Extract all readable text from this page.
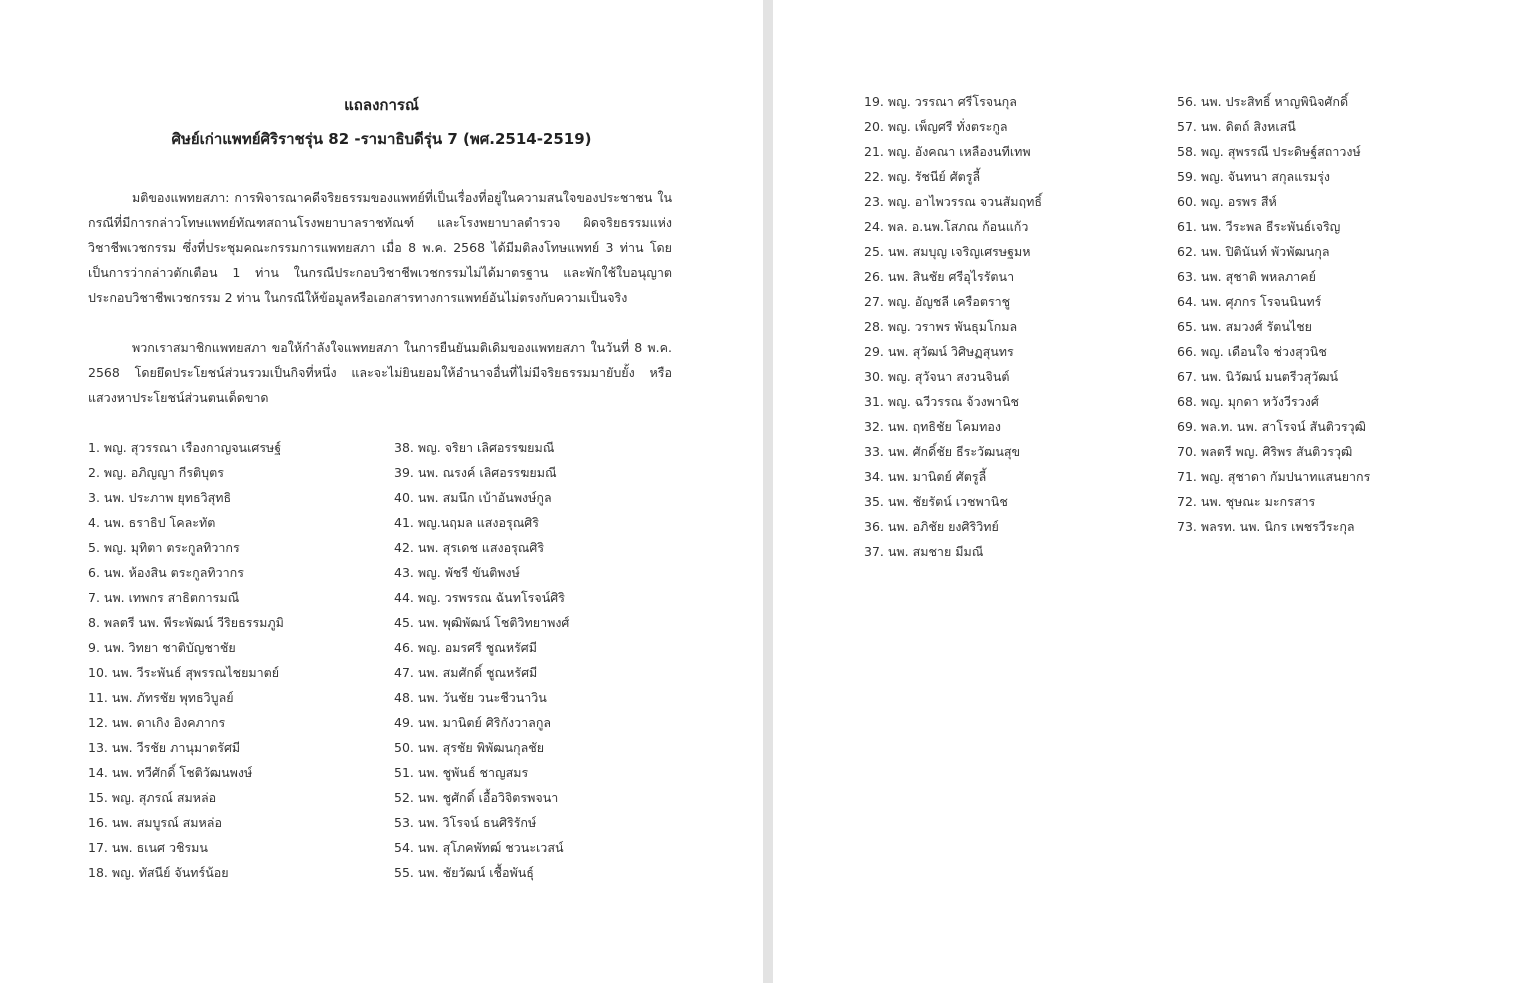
แถลงการณ์
ศิษย์เก่าแพทย์ศิริราชรุ่น 82 -รามาธิบดีรุ่น 7 (พศ.2514-2519)

มติของแพทยสภา: การพิจารณาคดีจริยธรรมของแพทย์ที่เป็นเรื่องที่อยู่ในความสนใจของประชาชน ในกรณีที่มีการกล่าวโทษแพทย์ทัณฑสถานโรงพยาบาลราชทัณฑ์ และโรงพยาบาลตำรวจ ผิดจริยธรรมแห่งวิชาชีพเวชกรรม ซึ่งที่ประชุมคณะกรรมการแพทยสภา เมื่อ 8 พ.ค. 2568 ได้มีมติลงโทษแพทย์ 3 ท่าน โดยเป็นการว่ากล่าวตักเตือน 1 ท่าน ในกรณีประกอบวิชาชีพเวชกรรมไม่ได้มาตรฐาน และพักใช้ใบอนุญาตประกอบวิชาชีพเวชกรรม 2 ท่าน ในกรณีให้ข้อมูลหรือเอกสารทางการแพทย์อันไม่ตรงกับความเป็นจริง

พวกเราสมาชิกแพทยสภา ขอให้กำลังใจแพทยสภา ในการยืนยันมติเดิมของแพทยสภา ในวันที่ 8 พ.ค. 2568 โดยยึดประโยชน์ส่วนรวมเป็นกิจที่หนึ่ง และจะไม่ยินยอมให้อำนาจอื่นที่ไม่มีจริยธรรมมายับยั้ง หรือแสวงหาประโยชน์ส่วนตนเด็ดขาด

1. พญ. สุวรรณา เรืองกาญจนเศรษฐ์
2. พญ. อภิญญา กีรติบุตร
3. นพ. ประภาพ ยุทธวิสุทธิ
4. นพ. ธราธิป โคละทัต
5. พญ. มุทิตา ตระกูลทิวากร
6. นพ. ห้องสิน ตระกูลทิวากร
7. นพ. เทพกร สาธิตการมณี
8. พลตรี นพ. พีระพัฒน์ วีริยธรรมภูมิ
9. นพ. วิทยา ชาติบัญชาชัย
10. นพ. วีระพันธ์ สุพรรณไชยมาตย์
11. นพ. ภัทรชัย พุทธวิบูลย์
12. นพ. ดาเกิง อิงคภากร
13. นพ. วีรชัย ภานุมาตรัศมี
14. นพ. ทวีศักดิ์ โชติวัฒนพงษ์
15. พญ. สุภรณ์ สมหล่อ
16. นพ. สมบูรณ์ สมหล่อ
17. นพ. ธเนศ วชิรมน
18. พญ. ทัสนีย์ จันทร์น้อย
38. พญ. จริยา เลิศอรรฆยมณี
39. นพ. ณรงค์ เลิศอรรฆยมณี
40. นพ. สมนึก เบ้าอันพงษ์กูล
41. พญ.นฤมล แสงอรุณศิริ
42. นพ. สุรเดช แสงอรุณศิริ
43. พญ. พัชรี ขันติพงษ์
44. พญ. วรพรรณ ฉันทโรจน์ศิริ
45. นพ. พุฒิพัฒน์ โชติวิทยาพงศ์
46. พญ. อมรศรี ชูณหรัศมี
47. นพ. สมศักดิ์ ชูณหรัศมี
48. นพ. วันชัย วนะชีวนาวิน
49. นพ. มานิตย์ ศิริกังวาลกูล
50. นพ. สุรชัย พิพัฒนกุลชัย
51. นพ. ชูพันธ์ ชาญสมร
52. นพ. ชูศักดิ์ เอื้อวิจิตรพจนา
53. นพ. วิโรจน์ ธนศิริรักษ์
54. นพ. สุโภคพัทฒ์ ชวนะเวสน์
55. นพ. ชัยวัฒน์ เชื้อพันธุ์
19. พญ. วรรณา ศรีโรจนกุล
20. พญ. เพ็ญศรี ทั่งตระกูล
21. พญ. อังคณา เหลืองนทีเทพ
22. พญ. รัชนีย์ ศัตรูลี้
23. พญ. อาไพวรรณ จวนสัมฤทธิ์
24. พล. อ.นพ.โสภณ ก้อนแก้ว
25. นพ. สมบุญ เจริญเศรษฐมห
26. นพ. สินชัย ศรีอุไรรัตนา
27. พญ. อัญชลี เครือตราชู
28. พญ. วราพร พันธุมโกมล
29. นพ. สุวัฒน์ วิศิษฏสุนทร
30. พญ. สุวัจนา สงวนจินต์
31. พญ. ฉวีวรรณ จ้วงพานิช
32. นพ. ฤทธิชัย โคมทอง
33. นพ. ศักดิ์ชัย ธีระวัฒนสุข
34. นพ. มานิตย์ ศัตรูลี้
35. นพ. ชัยรัตน์ เวชพานิช
36. นพ. อภิชัย ยงศิริวิทย์
37. นพ. สมชาย มีมณี
56. นพ. ประสิทธิ์ หาญพินิจศักดิ์
57. นพ. ดิตถ์ สิงหเสนี
58. พญ. สุพรรณี ประดิษฐ์สถาวงษ์
59. พญ. จันทนา สกุลแรมรุ่ง
60. พญ. อรพร สีห์
61. นพ. วีระพล ธีระพันธ์เจริญ
62. นพ. ปิตินันท์ พัวพัฒนกุล
63. นพ. สุชาติ พหลภาคย์
64. นพ. ศุภกร โรจนนินทร์
65. นพ. สมวงศ์ รัตนไชย
66. พญ. เดือนใจ ช่วงสุวนิช
67. นพ. นิวัฒน์ มนตรีวสุวัฒน์
68. พญ. มุกดา หวังวีรวงศ์
69. พล.ท. นพ. สาโรจน์ สันติวรวุฒิ
70. พลตรี พญ. ศิริพร สันติวรวุฒิ
71. พญ. สุชาดา กัมปนาทแสนยากร
72. นพ. ชุษณะ มะกรสาร
73. พลรท. นพ. นิกร เพชรวีระกุล
